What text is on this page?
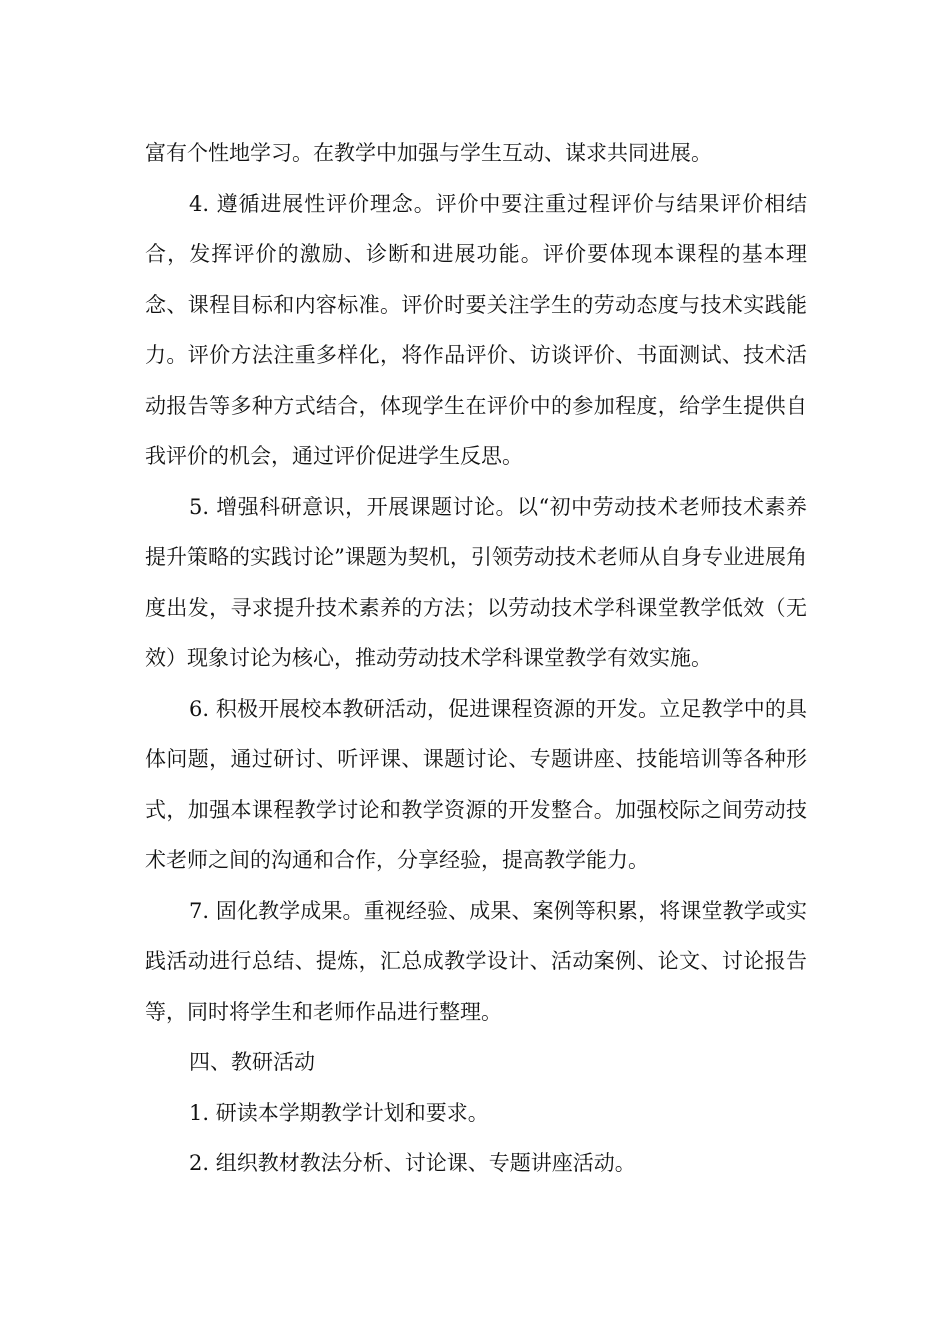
富有个性地学习。在教学中加强与学生互动、谋求共同进展。

4. 遵循进展性评价理念。评价中要注重过程评价与结果评价相结合，发挥评价的激励、诊断和进展功能。评价要体现本课程的基本理念、课程目标和内容标准。评价时要关注学生的劳动态度与技术实践能力。评价方法注重多样化，将作品评价、访谈评价、书面测试、技术活动报告等多种方式结合，体现学生在评价中的参加程度，给学生提供自我评价的机会，通过评价促进学生反思。

5. 增强科研意识，开展课题讨论。以“初中劳动技术老师技术素养提升策略的实践讨论”课题为契机，引领劳动技术老师从自身专业进展角度出发，寻求提升技术素养的方法；以劳动技术学科课堂教学低效（无效）现象讨论为核心，推动劳动技术学科课堂教学有效实施。

6. 积极开展校本教研活动，促进课程资源的开发。立足教学中的具体问题，通过研讨、听评课、课题讨论、专题讲座、技能培训等各种形式，加强本课程教学讨论和教学资源的开发整合。加强校际之间劳动技术老师之间的沟通和合作，分享经验，提高教学能力。

7. 固化教学成果。重视经验、成果、案例等积累，将课堂教学或实践活动进行总结、提炼，汇总成教学设计、活动案例、论文、讨论报告等，同时将学生和老师作品进行整理。

四、教研活动

1. 研读本学期教学计划和要求。

2. 组织教材教法分析、讨论课、专题讲座活动。
